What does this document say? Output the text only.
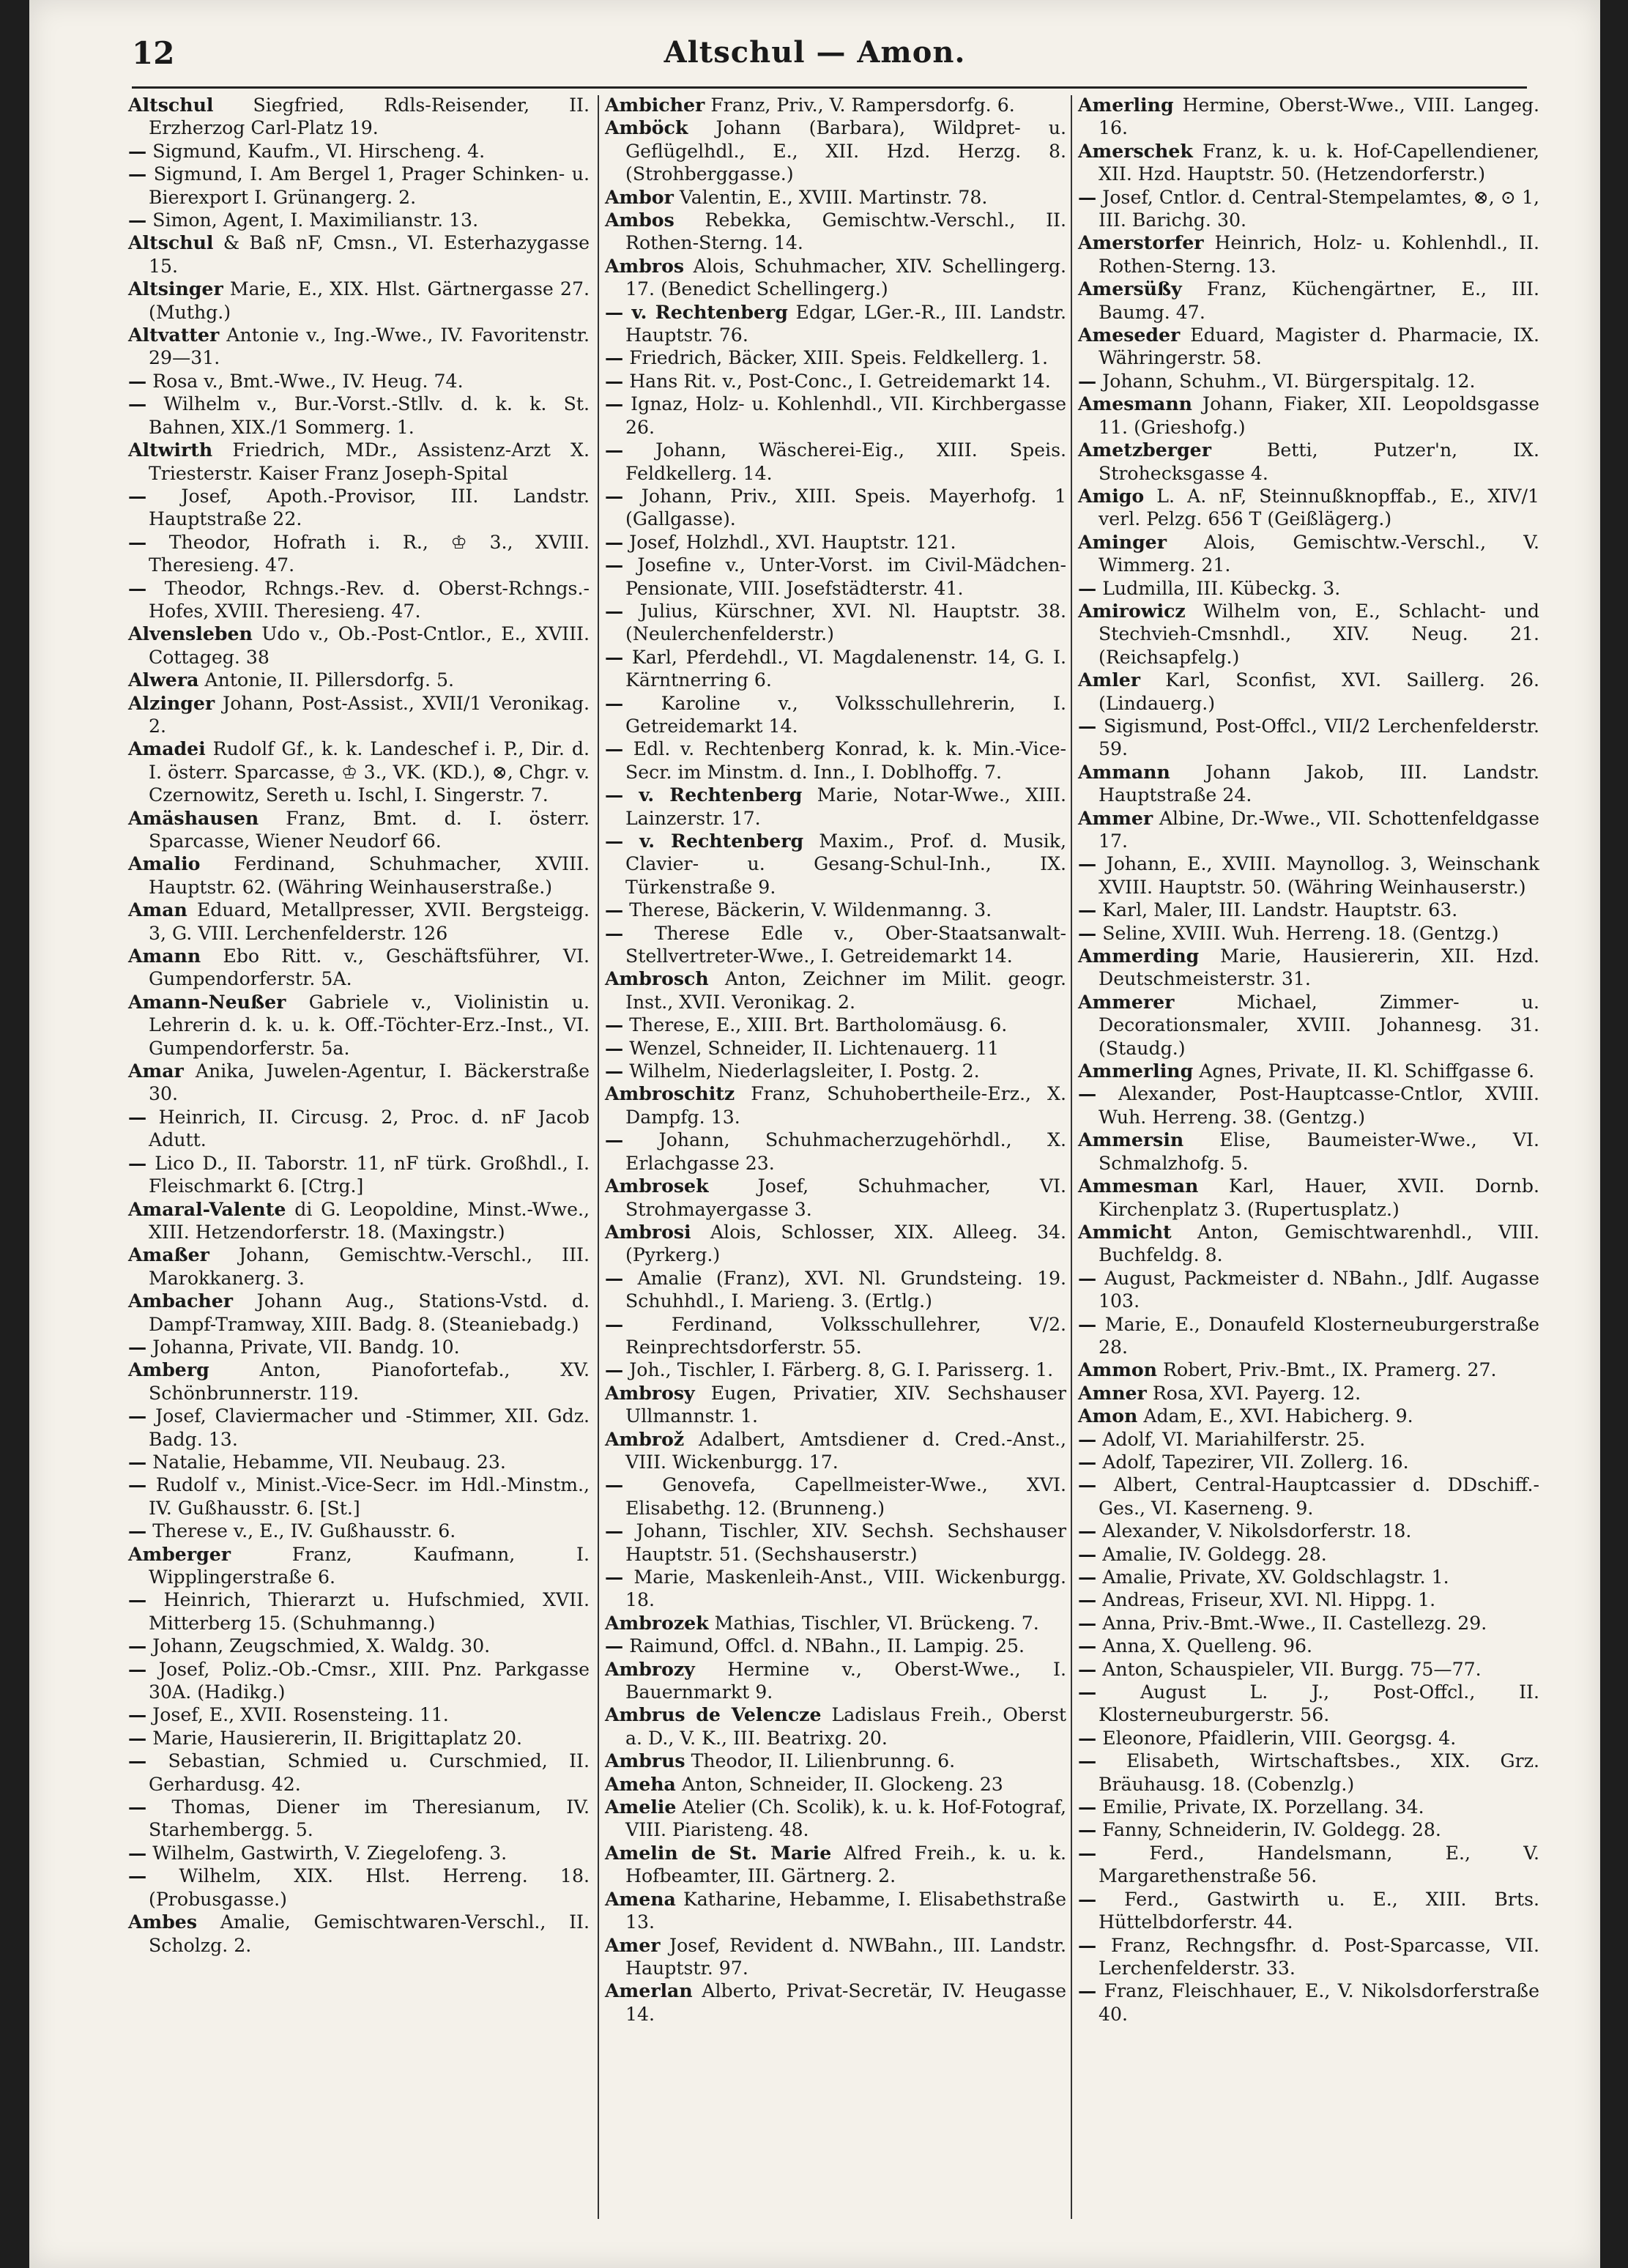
12	Altschul — Amon.

Altschul Siegfried, Rdls-Reisender, II. Erzherzog Carl-Platz 19.

— Sigmund, Kaufm., VI. Hirscheng. 4.

— Sigmund, I. Am Bergel 1, Prager Schinken- u. Bierexport I. Grünangerg. 2.

— Simon, Agent, I. Maximilianstr. 13.

Altschul & Baß nF, Cmsn., VI. Esterhazygasse 15.

Altsinger Marie, E., XIX. Hlst. Gärtnergasse 27. (Muthg.)

Altvatter Antonie v., Ing.-Wwe., IV. Favoritenstr. 29—31.

— Rosa v., Bmt.-Wwe., IV. Heug. 74.

— Wilhelm v., Bur.-Vorst.-Stllv. d. k. k. St. Bahnen, XIX./1 Sommerg. 1.

Altwirth Friedrich, MDr., Assistenz-Arzt X. Triesterstr. Kaiser Franz Joseph-Spital

— Josef, Apoth.-Provisor, III. Landstr. Hauptstraße 22.

— Theodor, Hofrath i. R., ♔ 3., XVIII. Theresieng. 47.

— Theodor, Rchngs.-Rev. d. Oberst-Rchngs.-Hofes, XVIII. Theresieng. 47.

Alvensleben Udo v., Ob.-Post-Cntlor., E., XVIII. Cottageg. 38

Alwera Antonie, II. Pillersdorfg. 5.

Alzinger Johann, Post-Assist., XVII/1 Veronikag. 2.

Amadei Rudolf Gf., k. k. Landeschef i. P., Dir. d. I. österr. Sparcasse, ♔ 3., VK. (KD.), ⊗, Chgr. v. Czernowitz, Sereth u. Ischl, I. Singerstr. 7.

Amäshausen Franz, Bmt. d. I. österr. Sparcasse, Wiener Neudorf 66.

Amalio Ferdinand, Schuhmacher, XVIII. Hauptstr. 62. (Währing Weinhauserstraße.)

Aman Eduard, Metallpresser, XVII. Bergsteigg. 3, G. VIII. Lerchenfelderstr. 126

Amann Ebo Ritt. v., Geschäftsführer, VI. Gumpendorferstr. 5A.

Amann-Neußer Gabriele v., Violinistin u. Lehrerin d. k. u. k. Off.-Töchter-Erz.-Inst., VI. Gumpendorferstr. 5a.

Amar Anika, Juwelen-Agentur, I. Bäckerstraße 30.

— Heinrich, II. Circusg. 2, Proc. d. nF Jacob Adutt.

— Lico D., II. Taborstr. 11, nF türk. Großhdl., I. Fleischmarkt 6. [Ctrg.]

Amaral-Valente di G. Leopoldine, Minst.-Wwe., XIII. Hetzendorferstr. 18. (Maxingstr.)

Amaßer Johann, Gemischtw.-Verschl., III. Marokkanerg. 3.

Ambacher Johann Aug., Stations-Vstd. d. Dampf-Tramway, XIII. Badg. 8. (Steaniebadg.)

— Johanna, Private, VII. Bandg. 10.

Amberg Anton, Pianofortefab., XV. Schönbrunnerstr. 119.

— Josef, Claviermacher und -Stimmer, XII. Gdz. Badg. 13.

— Natalie, Hebamme, VII. Neubaug. 23.

— Rudolf v., Minist.-Vice-Secr. im Hdl.-Minstm., IV. Gußhausstr. 6. [St.]

— Therese v., E., IV. Gußhausstr. 6.

Amberger Franz, Kaufmann, I. Wipplingerstraße 6.

— Heinrich, Thierarzt u. Hufschmied, XVII. Mitterberg 15. (Schuhmanng.)

— Johann, Zeugschmied, X. Waldg. 30.

— Josef, Poliz.-Ob.-Cmsr., XIII. Pnz. Parkgasse 30A. (Hadikg.)

— Josef, E., XVII. Rosensteing. 11.

— Marie, Hausiererin, II. Brigittaplatz 20.

— Sebastian, Schmied u. Curschmied, II. Gerhardusg. 42.

— Thomas, Diener im Theresianum, IV. Starhembergg. 5.

— Wilhelm, Gastwirth, V. Ziegelofeng. 3.

— Wilhelm, XIX. Hlst. Herreng. 18. (Probusgasse.)

Ambes Amalie, Gemischtwaren-Verschl., II. Scholzg. 2.

Ambicher Franz, Priv., V. Rampersdorfg. 6.

Amböck Johann (Barbara), Wildpret- u. Geflügelhdl., E., XII. Hzd. Herzg. 8. (Strohberggasse.)

Ambor Valentin, E., XVIII. Martinstr. 78.

Ambos Rebekka, Gemischtw.-Verschl., II. Rothen-Sterng. 14.

Ambros Alois, Schuhmacher, XIV. Schellingerg. 17. (Benedict Schellingerg.)

— v. Rechtenberg Edgar, LGer.-R., III. Landstr. Hauptstr. 76.

— Friedrich, Bäcker, XIII. Speis. Feldkellerg. 1.

— Hans Rit. v., Post-Conc., I. Getreidemarkt 14.

— Ignaz, Holz- u. Kohlenhdl., VII. Kirchbergasse 26.

— Johann, Wäscherei-Eig., XIII. Speis. Feldkellerg. 14.

— Johann, Priv., XIII. Speis. Mayerhofg. 1 (Gallgasse).

— Josef, Holzhdl., XVI. Hauptstr. 121.

— Josefine v., Unter-Vorst. im Civil-Mädchen-Pensionate, VIII. Josefstädterstr. 41.

— Julius, Kürschner, XVI. Nl. Hauptstr. 38. (Neulerchenfelderstr.)

— Karl, Pferdehdl., VI. Magdalenenstr. 14, G. I. Kärntnerring 6.

— Karoline v., Volksschullehrerin, I. Getreidemarkt 14.

— Edl. v. Rechtenberg Konrad, k. k. Min.-Vice-Secr. im Minstm. d. Inn., I. Doblhoffg. 7.

— v. Rechtenberg Marie, Notar-Wwe., XIII. Lainzerstr. 17.

— v. Rechtenberg Maxim., Prof. d. Musik, Clavier- u. Gesang-Schul-Inh., IX. Türkenstraße 9.

— Therese, Bäckerin, V. Wildenmanng. 3.

— Therese Edle v., Ober-Staatsanwalt-Stellvertreter-Wwe., I. Getreidemarkt 14.

Ambrosch Anton, Zeichner im Milit. geogr. Inst., XVII. Veronikag. 2.

— Therese, E., XIII. Brt. Bartholomäusg. 6.

— Wenzel, Schneider, II. Lichtenauerg. 11

— Wilhelm, Niederlagsleiter, I. Postg. 2.

Ambroschitz Franz, Schuhobertheile-Erz., X. Dampfg. 13.

— Johann, Schuhmacherzugehörhdl., X. Erlachgasse 23.

Ambrosek Josef, Schuhmacher, VI. Strohmayergasse 3.

Ambrosi Alois, Schlosser, XIX. Alleeg. 34. (Pyrkerg.)

— Amalie (Franz), XVI. Nl. Grundsteing. 19. Schuhhdl., I. Marieng. 3. (Ertlg.)

— Ferdinand, Volksschullehrer, V/2. Reinprechtsdorferstr. 55.

— Joh., Tischler, I. Färberg. 8, G. I. Parisserg. 1.

Ambrosy Eugen, Privatier, XIV. Sechshauser Ullmannstr. 1.

Ambrož Adalbert, Amtsdiener d. Cred.-Anst., VIII. Wickenburgg. 17.

— Genovefa, Capellmeister-Wwe., XVI. Elisabethg. 12. (Brunneng.)

— Johann, Tischler, XIV. Sechsh. Sechshauser Hauptstr. 51. (Sechshauserstr.)

— Marie, Maskenleih-Anst., VIII. Wickenburgg. 18.

Ambrozek Mathias, Tischler, VI. Brückeng. 7.

— Raimund, Offcl. d. NBahn., II. Lampig. 25.

Ambrozy Hermine v., Oberst-Wwe., I. Bauernmarkt 9.

Ambrus de Velencze Ladislaus Freih., Oberst a. D., V. K., III. Beatrixg. 20.

Ambrus Theodor, II. Lilienbrunng. 6.

Ameha Anton, Schneider, II. Glockeng. 23

Amelie Atelier (Ch. Scolik), k. u. k. Hof-Fotograf, VIII. Piaristeng. 48.

Amelin de St. Marie Alfred Freih., k. u. k. Hofbeamter, III. Gärtnerg. 2.

Amena Katharine, Hebamme, I. Elisabethstraße 13.

Amer Josef, Revident d. NWBahn., III. Landstr. Hauptstr. 97.

Amerlan Alberto, Privat-Secretär, IV. Heugasse 14.

Amerling Hermine, Oberst-Wwe., VIII. Langeg. 16.

Amerschek Franz, k. u. k. Hof-Capellendiener, XII. Hzd. Hauptstr. 50. (Hetzendorferstr.)

— Josef, Cntlor. d. Central-Stempelamtes, ⊗, ⊙ 1, III. Barichg. 30.

Amerstorfer Heinrich, Holz- u. Kohlenhdl., II. Rothen-Sterng. 13.

Amersüßy Franz, Küchengärtner, E., III. Baumg. 47.

Ameseder Eduard, Magister d. Pharmacie, IX. Währingerstr. 58.

— Johann, Schuhm., VI. Bürgerspitalg. 12.

Amesmann Johann, Fiaker, XII. Leopoldsgasse 11. (Grieshofg.)

Ametzberger Betti, Putzer'n, IX. Strohecksgasse 4.

Amigo L. A. nF, Steinnußknopffab., E., XIV/1 verl. Pelzg. 656 T (Geißlägerg.)

Aminger Alois, Gemischtw.-Verschl., V. Wimmerg. 21.

— Ludmilla, III. Kübeckg. 3.

Amirowicz Wilhelm von, E., Schlacht- und Stechvieh-Cmsnhdl., XIV. Neug. 21. (Reichsapfelg.)

Amler Karl, Sconfist, XVI. Saillerg. 26. (Lindauerg.)

— Sigismund, Post-Offcl., VII/2 Lerchenfelderstr. 59.

Ammann Johann Jakob, III. Landstr. Hauptstraße 24.

Ammer Albine, Dr.-Wwe., VII. Schottenfeldgasse 17.

— Johann, E., XVIII. Maynollog. 3, Weinschank XVIII. Hauptstr. 50. (Währing Weinhauserstr.)

— Karl, Maler, III. Landstr. Hauptstr. 63.

— Seline, XVIII. Wuh. Herreng. 18. (Gentzg.)

Ammerding Marie, Hausiererin, XII. Hzd. Deutschmeisterstr. 31.

Ammerer Michael, Zimmer- u. Decorationsmaler, XVIII. Johannesg. 31. (Staudg.)

Ammerling Agnes, Private, II. Kl. Schiffgasse 6.

— Alexander, Post-Hauptcasse-Cntlor, XVIII. Wuh. Herreng. 38. (Gentzg.)

Ammersin Elise, Baumeister-Wwe., VI. Schmalzhofg. 5.

Ammesman Karl, Hauer, XVII. Dornb. Kirchenplatz 3. (Rupertusplatz.)

Ammicht Anton, Gemischtwarenhdl., VIII. Buchfeldg. 8.

— August, Packmeister d. NBahn., Jdlf. Augasse 103.

— Marie, E., Donaufeld Klosterneuburgerstraße 28.

Ammon Robert, Priv.-Bmt., IX. Pramerg. 27.

Amner Rosa, XVI. Payerg. 12.

Amon Adam, E., XVI. Habicherg. 9.

— Adolf, VI. Mariahilferstr. 25.

— Adolf, Tapezirer, VII. Zollerg. 16.

— Albert, Central-Hauptcassier d. DDschiff.-Ges., VI. Kaserneng. 9.

— Alexander, V. Nikolsdorferstr. 18.

— Amalie, IV. Goldegg. 28.

— Amalie, Private, XV. Goldschlagstr. 1.

— Andreas, Friseur, XVI. Nl. Hippg. 1.

— Anna, Priv.-Bmt.-Wwe., II. Castellezg. 29.

— Anna, X. Quelleng. 96.

— Anton, Schauspieler, VII. Burgg. 75—77.

— August L. J., Post-Offcl., II. Klosterneuburgerstr. 56.

— Eleonore, Pfaidlerin, VIII. Georgsg. 4.

— Elisabeth, Wirtschaftsbes., XIX. Grz. Bräuhausg. 18. (Cobenzlg.)

— Emilie, Private, IX. Porzellang. 34.

— Fanny, Schneiderin, IV. Goldegg. 28.

— Ferd., Handelsmann, E., V. Margarethenstraße 56.

— Ferd., Gastwirth u. E., XIII. Brts. Hüttelbdorferstr. 44.

— Franz, Rechngsfhr. d. Post-Sparcasse, VII. Lerchenfelderstr. 33.

— Franz, Fleischhauer, E., V. Nikolsdorferstraße 40.
